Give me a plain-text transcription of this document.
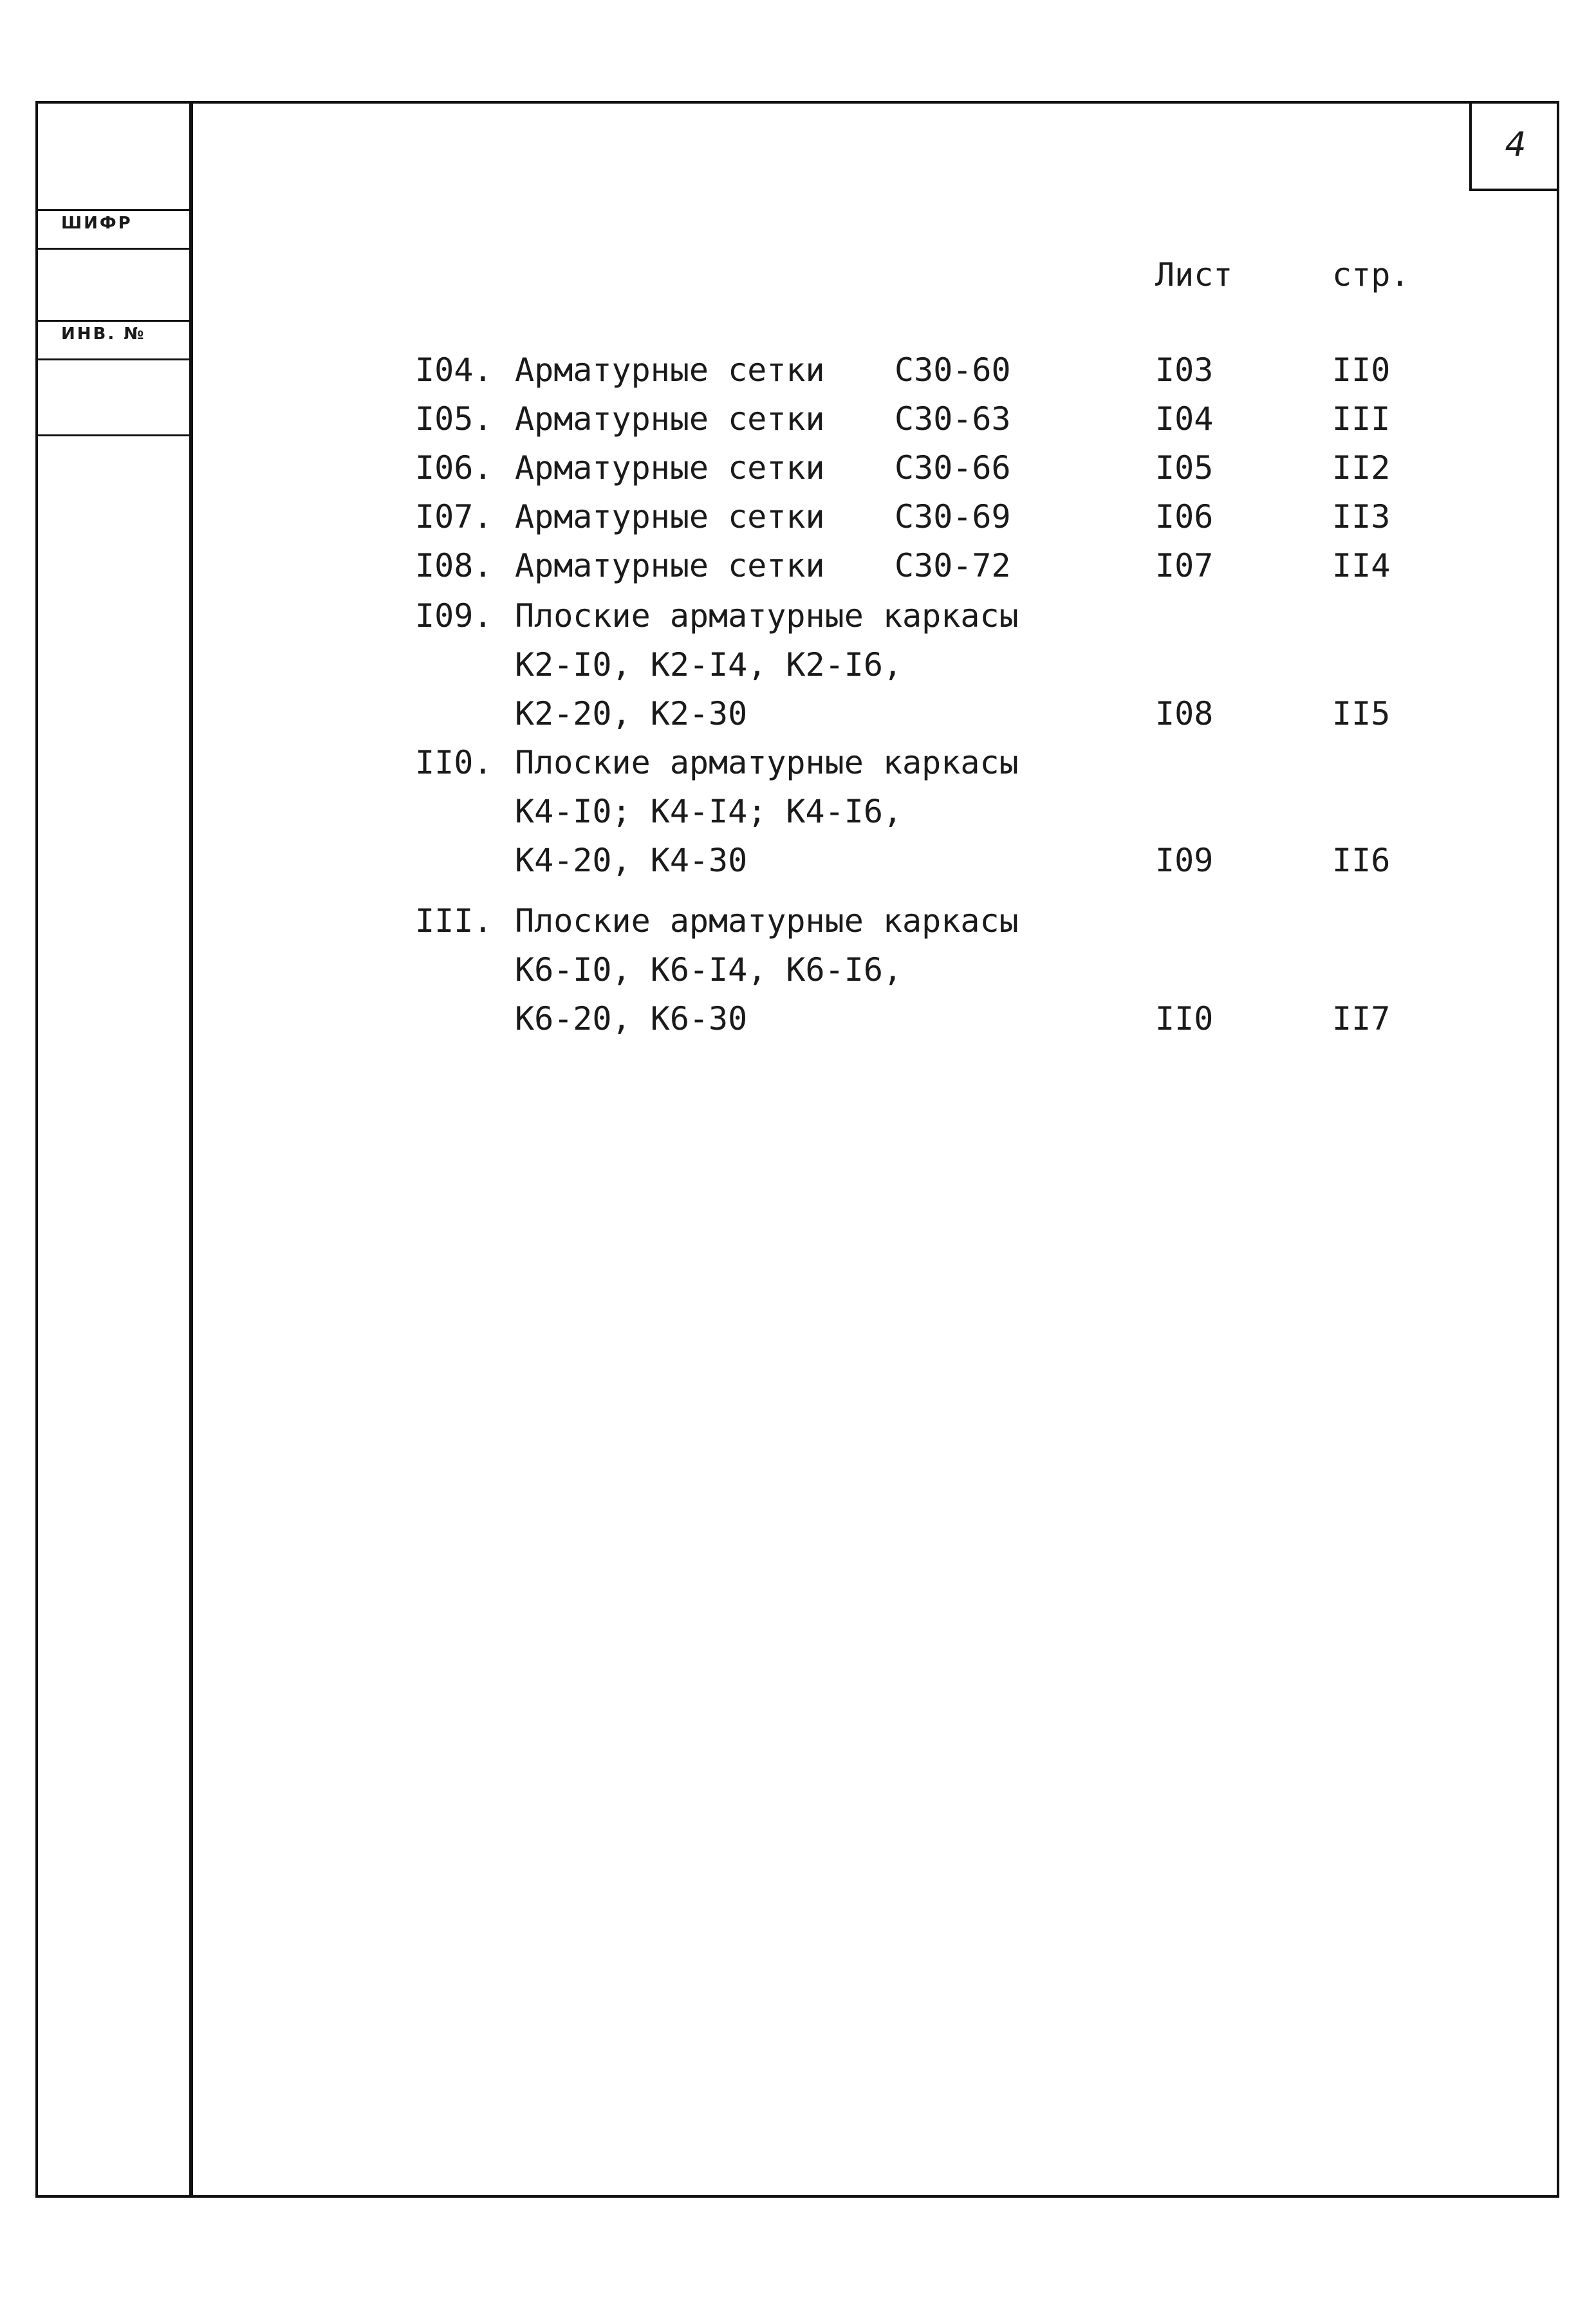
ШИФР
ИНВ. №
4
Лист	стр.
I04. Арматурные сетки С30-60	I03	II0
I05. Арматурные сетки С30-63	I04	III
I06. Арматурные сетки С30-66	I05	II2
I07. Арматурные сетки С30-69	I06	II3
I08. Арматурные сетки С30-72	I07	II4
I09. Плоские арматурные каркасы
К2-I0, К2-I4, К2-I6,
К2-20, К2-30	I08	II5
II0. Плоские арматурные каркасы
К4-I0; К4-I4; К4-I6,
К4-20, К4-30	I09	II6
III. Плоские арматурные каркасы
К6-I0, К6-I4, К6-I6,
К6-20, К6-30	II0	II7
